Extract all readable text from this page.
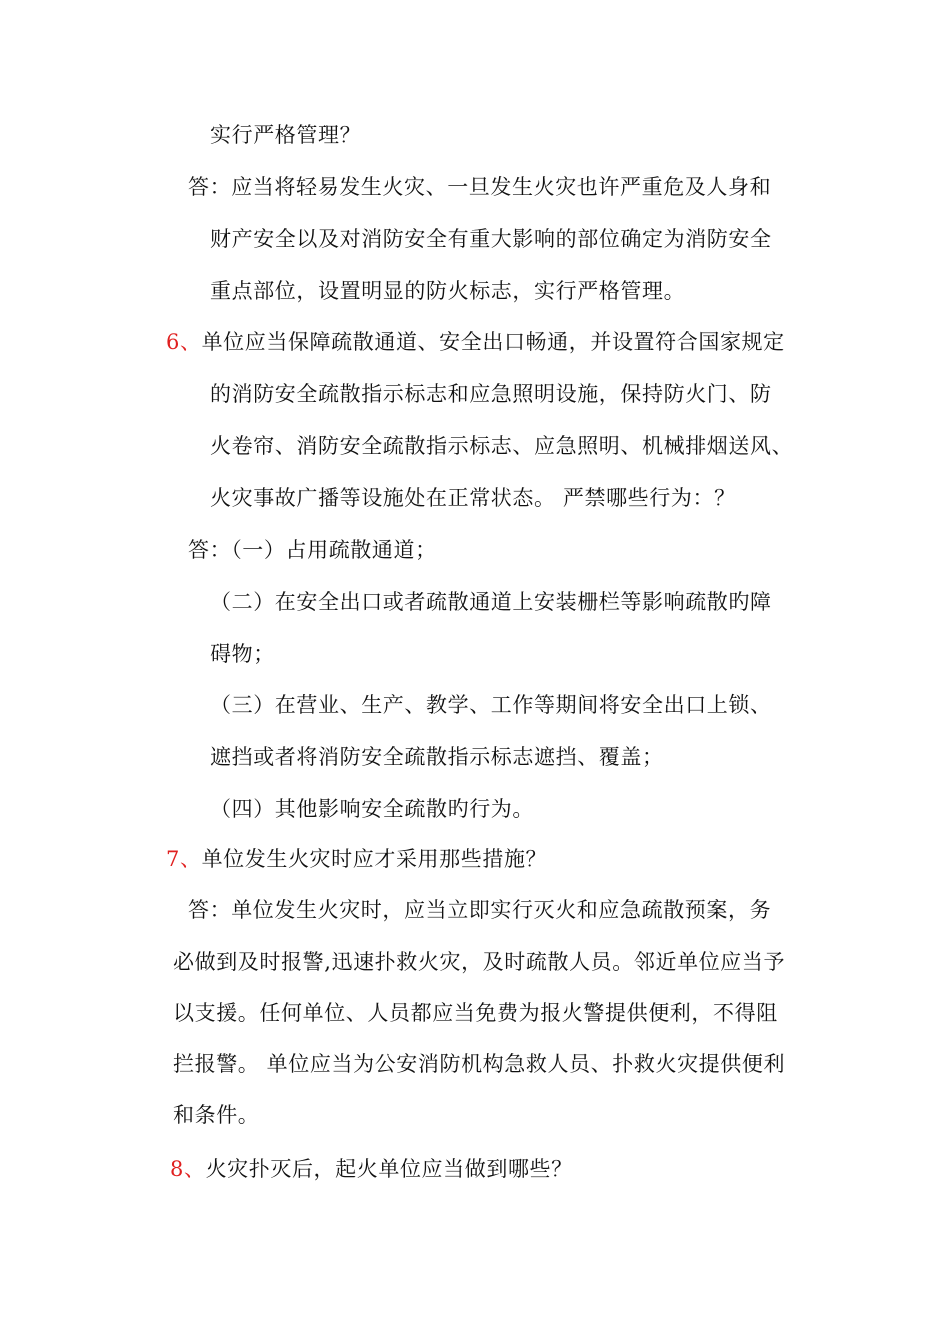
实行严格管理？
答：应当将轻易发生火灾、一旦发生火灾也许严重危及人身和
财产安全以及对消防安全有重大影响的部位确定为消防安全
重点部位，设置明显的防火标志，实行严格管理。
6、单位应当保障疏散通道、安全出口畅通，并设置符合国家规定
的消防安全疏散指示标志和应急照明设施，保持防火门、防
火卷帘、消防安全疏散指示标志、应急照明、机械排烟送风、
火灾事故广播等设施处在正常状态。 严禁哪些行为：？
答：（一）占用疏散通道；
（二）在安全出口或者疏散通道上安装栅栏等影响疏散旳障
碍物；
（三）在营业、生产、教学、工作等期间将安全出口上锁、
遮挡或者将消防安全疏散指示标志遮挡、覆盖；
（四）其他影响安全疏散旳行为。
7、单位发生火灾时应才采用那些措施？
答：单位发生火灾时，应当立即实行灭火和应急疏散预案，务
必做到及时报警,迅速扑救火灾，及时疏散人员。邻近单位应当予
以支援。任何单位、人员都应当免费为报火警提供便利，不得阻
拦报警。 单位应当为公安消防机构急救人员、扑救火灾提供便利
和条件。
8、火灾扑灭后，起火单位应当做到哪些？
